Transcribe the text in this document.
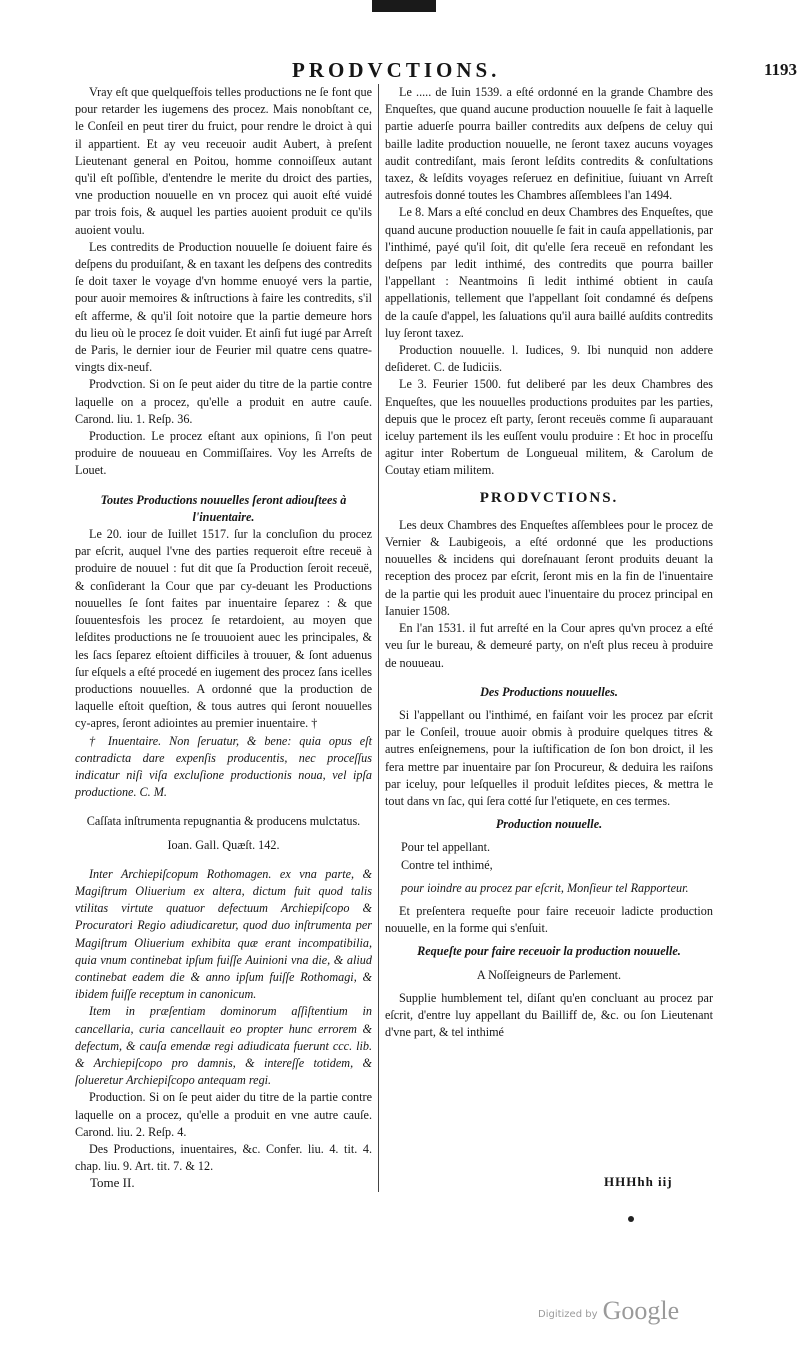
PRODVCTIONS.	1193

Vray eſt que quelqueſfois telles productions ne ſe font que pour retarder les iugemens des procez. Mais nonobſtant ce, le Conſeil en peut tirer du fruict, pour rendre le droict à qui il appartient. Et ay veu receuoir audit Aubert, à preſent Lieutenant general en Poitou, homme connoiſſeux autant qu'il eſt poſſible, d'entendre le merite du droict des parties, vne production nouuelle en vn procez qui auoit eſté vuidé par trois fois, & auquel les parties auoient produit ce qu'ils auoient voulu.

Les contredits de Production nouuelle ſe doiuent faire és deſpens du produiſant, & en taxant les deſpens des contredits ſe doit taxer le voyage d'vn homme enuoyé vers la partie, pour auoir memoires & inſtructions à faire les contredits, s'il eſt afferme, & qu'il ſoit notoire que la partie demeure hors du lieu où le procez ſe doit vuider. Et ainſi fut iugé par Arreſt de Paris, le dernier iour de Feurier mil quatre cens quatre-vingts dix-neuf.

Prodvction. Si on ſe peut aider du titre de la partie contre laquelle on a procez, qu'elle a produit en autre cauſe. Carond. liu. 1. Reſp. 36.

Production. Le procez eſtant aux opinions, ſi l'on peut produire de nouueau en Commiſſaires. Voy les Arreſts de Louet.

Toutes Productions nouuelles ſeront adiouſtees à l'inuentaire.

Le 20. iour de Iuillet 1517. ſur la concluſion du procez par eſcrit, auquel l'vne des parties requeroit eſtre receuë à produire de nouuel : fut dit que ſa Production ſeroit receuë, & conſiderant la Cour que par cy-deuant les Productions nouuelles ſe ſont faites par inuentaire ſeparez : & que ſouuentesfois les procez ſe retardoient, au moyen que leſdites productions ne ſe trouuoient auec les principales, & les ſacs ſeparez eſtoient difficiles à trouuer, & ſont aduenus ſur eſquels a eſté procedé en iugement des procez ſans icelles productions nouuelles. A ordonné que la production de laquelle eſtoit queſtion, & tous autres qui ſeront nouuelles cy-apres, ſeront adiointes au premier inuentaire. †

† Inuentaire. Non ſeruatur, & bene: quia opus eſt contradicta dare expenſis producentis, nec proceſſus indicatur niſi viſa excluſione productionis noua, vel ipſa productione. C. M.

Caſſata inſtrumenta repugnantia & producens mulctatus.

Ioan. Gall. Quæſt. 142.

Inter Archiepiſcopum Rothomagen. ex vna parte, & Magiſtrum Oliuerium ex altera, dictum fuit quod talis vtilitas virtute quatuor defectuum Archiepiſcopo & Procuratori Regio adiudicaretur, quod duo inſtrumenta per Magiſtrum Oliuerium exhibita quæ erant incompatibilia, quia vnum continebat ipſum fuiſſe Auinioni vna die, & aliud continebat eadem die & anno ipſum fuiſſe Rothomagi, & ibidem fuiſſe receptum in canonicum.

Item in præſentiam dominorum aſſiſtentium in cancellaria, curia cancellauit eo propter hunc errorem & defectum, & cauſa emendæ regi adiudicata fuerunt ccc. lib. & Archiepiſcopo pro damnis, & intereſſe totidem, & ſolueretur Archiepiſcopo antequam regi.

Production. Si on ſe peut aider du titre de la partie contre laquelle on a procez, qu'elle a produit en vne autre cauſe. Carond. liu. 2. Reſp. 4.

Des Productions, inuentaires, &c. Confer. liu. 4. tit. 4. chap. liu. 9. Art. tit. 7. & 12.

Le ..... de Iuin 1539. a eſté ordonné en la grande Chambre des Enqueſtes, que quand aucune production nouuelle ſe fait à laquelle partie aduerſe pourra bailler contredits aux deſpens de celuy qui baille ladite production nouuelle, ne ſeront taxez aucuns voyages audit contrediſant, mais ſeront leſdits contredits & conſultations taxez, & leſdits voyages reſeruez en definitiue, ſuiuant vn Arreſt autresfois donné toutes les Chambres aſſemblees l'an 1494.

Le 8. Mars a eſté conclud en deux Chambres des Enqueſtes, que quand aucune production nouuelle ſe fait in cauſa appellationis, par l'inthimé, payé qu'il ſoit, dit qu'elle ſera receuë en refondant les deſpens par ledit inthimé, des contredits que pourra bailler l'appellant : Neantmoins ſi ledit inthimé obtient in cauſa appellationis, tellement que l'appellant ſoit condamné és deſpens de la cauſe d'appel, les ſaluations qu'il aura baillé auſdits contredits luy ſeront taxez.

Production nouuelle. l. Iudices, 9. Ibi nunquid non addere deſideret. C. de Iudiciis.

Le 3. Feurier 1500. fut deliberé par les deux Chambres des Enqueſtes, que les nouuelles productions produites par les parties, depuis que le procez eſt party, ſeront receuës comme ſi auparauant iceluy partement ils les euſſent voulu produire : Et hoc in proceſſu agitur inter Robertum de Longueual militem, & Carolum de Coutay etiam militem.

PRODVCTIONS.

Les deux Chambres des Enqueſtes aſſemblees pour le procez de Vernier & Laubigeois, a eſté ordonné que les productions nouuelles & incidens qui doreſnauant ſeront produits deuant la reception des procez par eſcrit, ſeront mis en la fin de l'inuentaire de la partie qui les produit auec l'inuentaire du procez principal en Ianuier 1508.

En l'an 1531. il fut arreſté en la Cour apres qu'vn procez a eſté veu ſur le bureau, & demeuré party, on n'eſt plus receu à produire de nouueau.

Des Productions nouuelles.

Si l'appellant ou l'inthimé, en faiſant voir les procez par eſcrit par le Conſeil, trouue auoir obmis à produire quelques titres & autres enſeignemens, pour la iuſtification de ſon bon droict, il les fera mettre par inuentaire par ſon Procureur, & deduira les raiſons par iceluy, pour leſquelles il produit leſdites pieces, & mettra le tout dans vn ſac, qui ſera cotté ſur l'etiquete, en ces termes.

Production nouuelle.

Pour tel appellant.

Contre tel inthimé,

pour ioindre au procez par eſcrit, Monſieur tel Rapporteur.

Et preſentera requeſte pour faire receuoir ladicte production nouuelle, en la forme qui s'enſuit.

Requeſte pour faire receuoir la production nouuelle.

A Noſſeigneurs de Parlement.

Supplie humblement tel, diſant qu'en concluant au procez par eſcrit, d'entre luy appellant du Bailliff de, &c. ou ſon Lieutenant d'vne part, & tel inthimé

Tome II.	HHHhh iij
Digitized by Google
